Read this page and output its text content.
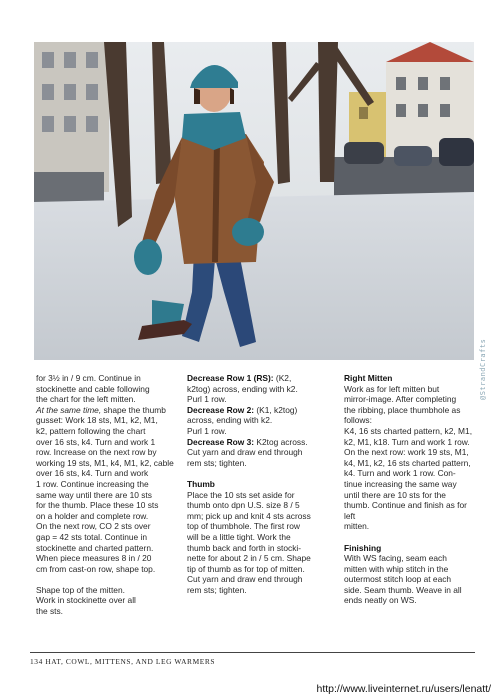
@StrandCrafts

for 3½ in / 9 cm. Continue in

stockinette and cable following

the chart for the left mitten.

At the same time, shape the thumb

gusset: Work 18 sts, M1, k2, M1,

k2, pattern following the chart

over 16 sts, k4. Turn and work 1

row. Increase on the next row by

working 19 sts, M1, k4, M1, k2, cable

over 16 sts, k4. Turn and work

1 row. Continue increasing the

same way until there are 10 sts

for the thumb. Place these 10 sts

on a holder and complete row.

On the next row, CO 2 sts over

gap = 42 sts total. Continue in

stockinette and charted pattern.

When piece measures 8 in / 20

cm from cast-on row, shape top.

Shape top of the mitten.

Work in stockinette over all

the sts.

Decrease Row 1 (RS): (K2,

k2tog) across, ending with k2.

Purl 1 row.

Decrease Row 2: (K1, k2tog)

across, ending with k2.

Purl 1 row.

Decrease Row 3: K2tog across.

Cut yarn and draw end through

rem sts; tighten.

Thumb

Place the 10 sts set aside for

thumb onto dpn U.S. size 8 / 5

mm; pick up and knit 4 sts across

top of thumbhole. The first row

will be a little tight. Work the

thumb back and forth in stocki-

nette for about 2 in / 5 cm. Shape

tip of thumb as for top of mitten.

Cut yarn and draw end through

rem sts; tighten.

Right Mitten

Work as for left mitten but

mirror-image. After completing

the ribbing, place thumbhole as

follows:

K4, 16 sts charted pattern, k2, M1,

k2, M1, k18. Turn and work 1 row.

On the next row: work 19 sts, M1,

k4, M1, k2, 16 sts charted pattern,

k4. Turn and work 1 row. Con-

tinue increasing the same way

until there are 10 sts for the

thumb. Continue and finish as for left

mitten.

Finishing

With WS facing, seam each

mitten with whip stitch in the

outermost stitch loop at each

side. Seam thumb. Weave in all

ends neatly on WS.

134 HAT, COWL, MITTENS, AND LEG WARMERS
http://www.liveinternet.ru/users/lenatt/
